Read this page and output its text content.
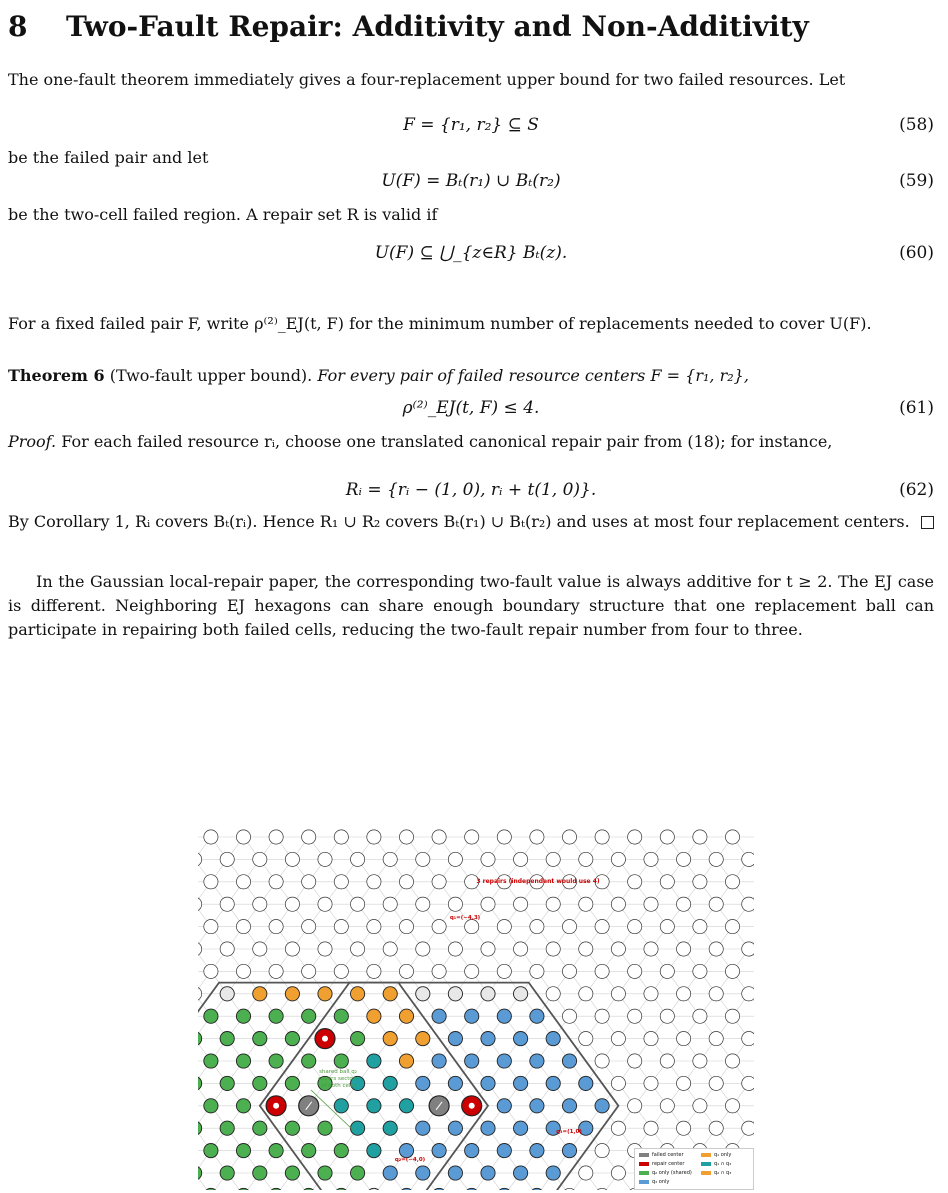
8 Two-Fault Repair: Additivity and Non-Additivity

The one-fault theorem immediately gives a four-replacement upper bound for two failed resources. Let

F = {r₁, r₂} ⊆ S	(58)

be the failed pair and let

U(F) = Bₜ(r₁) ∪ Bₜ(r₂)	(59)

be the two-cell failed region. A repair set R is valid if

U(F) ⊆ ⋃_{z∈R} Bₜ(z).	(60)

For a fixed failed pair F, write ρ⁽²⁾_EJ(t, F) for the minimum number of replacements needed to cover U(F).

Theorem 6 (Two-fault upper bound). For every pair of failed resource centers F = {r₁, r₂},

ρ⁽²⁾_EJ(t, F) ≤ 4.	(61)

Proof. For each failed resource rᵢ, choose one translated canonical repair pair from (18); for instance,

Rᵢ = {rᵢ − (1, 0), rᵢ + t(1, 0)}.	(62)

By Corollary 1, Rᵢ covers Bₜ(rᵢ). Hence R₁ ∪ R₂ covers Bₜ(r₁) ∪ Bₜ(r₂) and uses at most four replacement centers.

In the Gaussian local-repair paper, the corresponding two-fault value is always additive for t ≥ 2. The EJ case is different. Neighboring EJ hexagons can share enough boundary structure that one replacement ball can participate in repairing both failed cells, reducing the two-fault repair number from four to three.

3 repairs (independent would use 4)
q₁=(−4,3)
q₂=(−4,0)
q₃=(1,0)
shared ball q₂
covers sectors
of both cells
failed center
repair center
q₂ only (shared)
q₃ only
q₁ only
q₁ ∩ q₃
q₂ ∩ q₃
